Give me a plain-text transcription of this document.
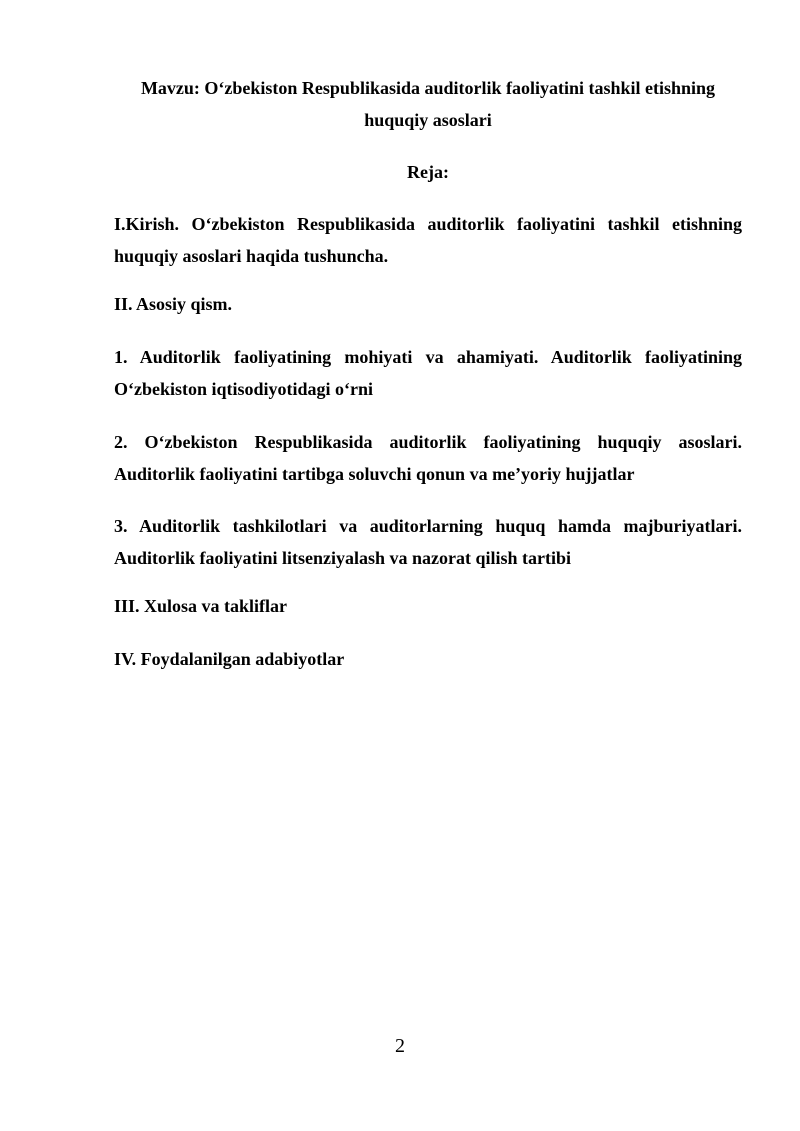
Mavzu: O‘zbekiston Respublikasida auditorlik faoliyatini tashkil etishning
huquqiy asoslari
Reja:
I.Kirish. O‘zbekiston Respublikasida auditorlik faoliyatini tashkil etishning
huquqiy asoslari haqida tushuncha.
II. Asosiy qism.
1. Auditorlik faoliyatining mohiyati va ahamiyati. Auditorlik faoliyatining
O‘zbekiston iqtisodiyotidagi o‘rni
2. O‘zbekiston Respublikasida auditorlik faoliyatining huquqiy asoslari.
Auditorlik faoliyatini tartibga soluvchi qonun va me’yoriy hujjatlar
3. Auditorlik tashkilotlari va auditorlarning huquq hamda majburiyatlari.
Auditorlik faoliyatini litsenziyalash va nazorat qilish tartibi
III. Xulosa va takliflar
IV. Foydalanilgan adabiyotlar
2
